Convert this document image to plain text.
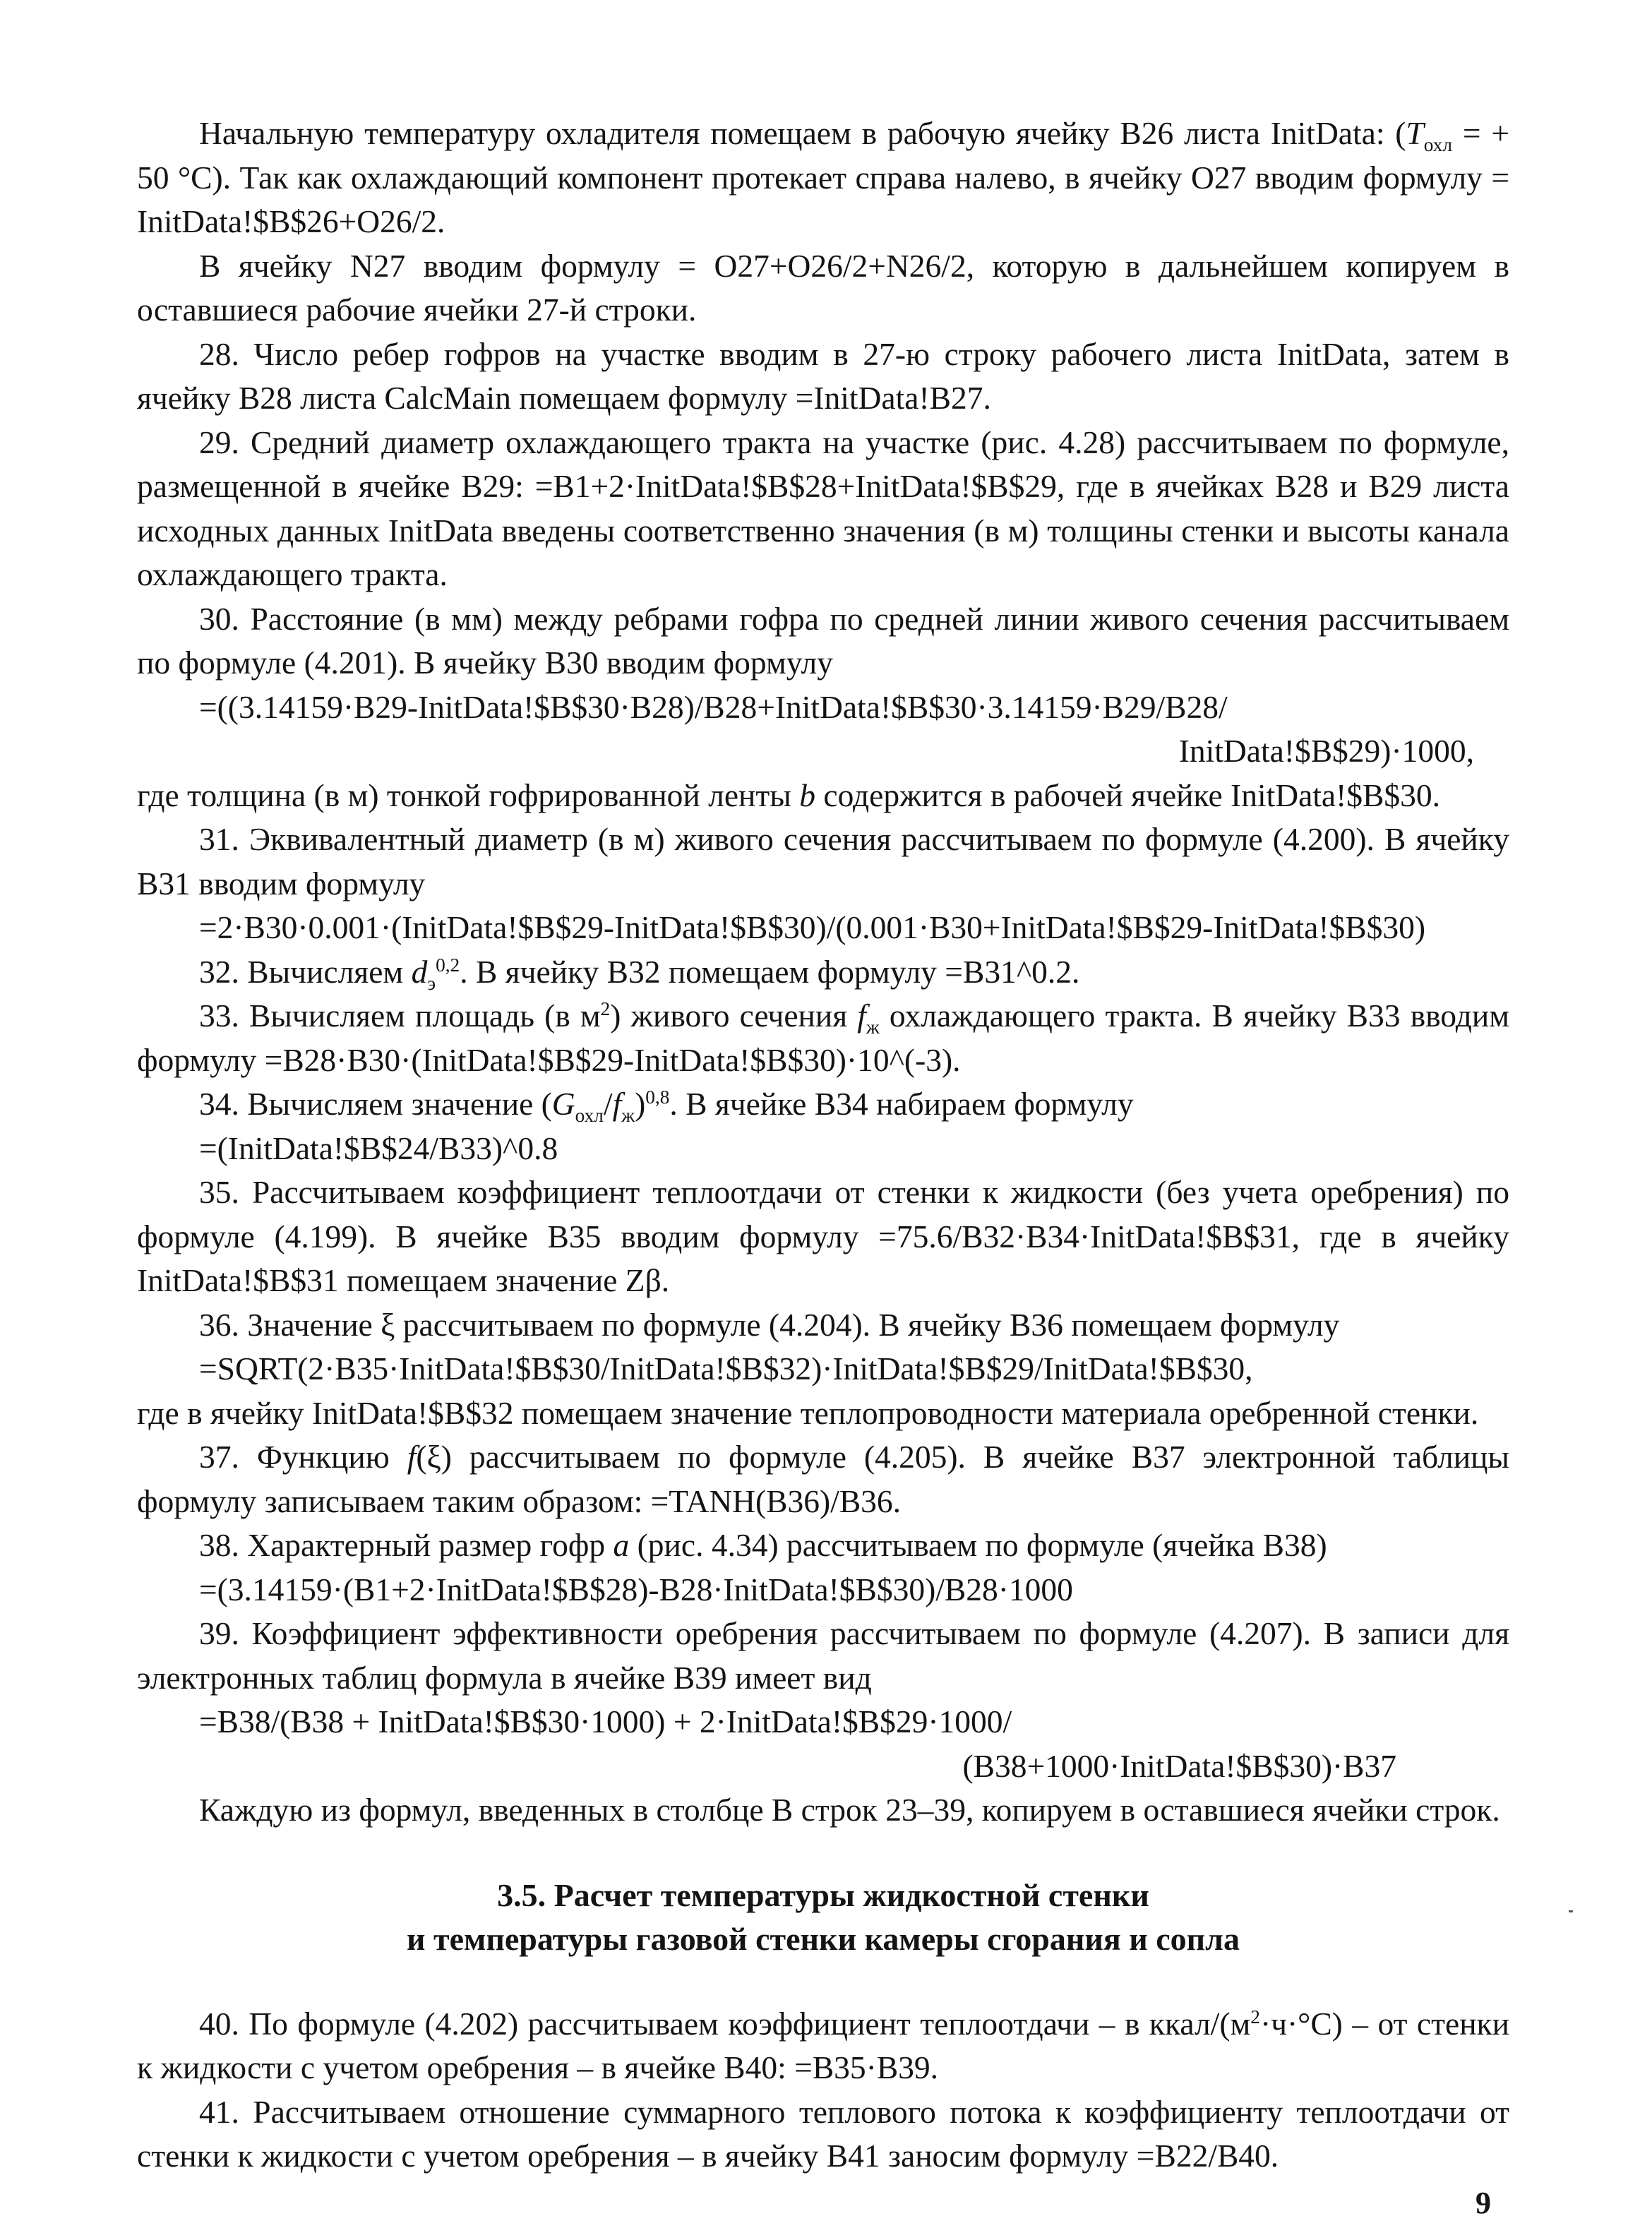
Начальную температуру охладителя помещаем в рабочую ячейку B26 листа InitData: ($T_{охл}$ = + 50 °С). Так как охлаждающий компонент протекает справа налево, в ячейку O27 вводим формулу = InitData!$B$26+O26/2.

В ячейку N27 вводим формулу = O27+O26/2+N26/2, которую в дальнейшем копируем в оставшиеся рабочие ячейки 27-й строки.

28. Число ребер гофров на участке вводим в 27-ю строку рабочего листа InitData, затем в ячейку B28 листа CalcMain помещаем формулу =InitData!B27.

29. Средний диаметр охлаждающего тракта на участке (рис. 4.28) рассчитываем по формуле, размещенной в ячейке B29: =B1+2·InitData!$B$28+InitData!$B$29, где в ячейках B28 и B29 листа исходных данных InitData введены соответственно значения (в м) толщины стенки и высоты канала охлаждающего тракта.

30. Расстояние (в мм) между ребрами гофра по средней линии живого сечения рассчитываем по формуле (4.201). В ячейку B30 вводим формулу

=((3.14159·B29-InitData!$B$30·B28)/B28+InitData!$B$30·3.14159·B29/B28/

InitData!$B$29)·1000,

где толщина (в м) тонкой гофрированной ленты b содержится в рабочей ячейке InitData!$B$30.

31. Эквивалентный диаметр (в м) живого сечения рассчитываем по формуле (4.200). В ячейку B31 вводим формулу

=2·B30·0.001·(InitData!$B$29-InitData!$B$30)/(0.001·B30+InitData!$B$29-InitData!$B$30)

32. Вычисляем $d_э^{0,2}$. В ячейку B32 помещаем формулу =B31^0.2.

33. Вычисляем площадь (в $м^2$) живого сечения $f_ж$ охлаждающего тракта. В ячейку B33 вводим формулу =B28·B30·(InitData!$B$29-InitData!$B$30)·10^(-3).

34. Вычисляем значение $(G_{охл}/f_ж)^{0,8}$. В ячейке B34 набираем формулу

=(InitData!$B$24/B33)^0.8

35. Рассчитываем коэффициент теплоотдачи от стенки к жидкости (без учета оребрения) по формуле (4.199). В ячейке B35 вводим формулу =75.6/B32·B34·InitData!$B$31, где в ячейку InitData!$B$31 помещаем значение Zβ.

36. Значение ξ рассчитываем по формуле (4.204). В ячейку B36 помещаем формулу

=SQRT(2·B35·InitData!$B$30/InitData!$B$32)·InitData!$B$29/InitData!$B$30,

где в ячейку InitData!$B$32 помещаем значение теплопроводности материала оребренной стенки.

37. Функцию f(ξ) рассчитываем по формуле (4.205). В ячейке B37 электронной таблицы формулу записываем таким образом: =TANH(B36)/B36.

38. Характерный размер гофр a (рис. 4.34) рассчитываем по формуле (ячейка B38)

=(3.14159·(B1+2·InitData!$B$28)-B28·InitData!$B$30)/B28·1000

39. Коэффициент эффективности оребрения рассчитываем по формуле (4.207). В записи для электронных таблиц формула в ячейке B39 имеет вид

=B38/(B38 + InitData!$B$30·1000) + 2·InitData!$B$29·1000/

(B38+1000·InitData!$B$30)·B37

Каждую из формул, введенных в столбце B строк 23–39, копируем в оставшиеся ячейки строк.

3.5. Расчет температуры жидкостной стенки

и температуры газовой стенки камеры сгорания и сопла

40. По формуле (4.202) рассчитываем коэффициент теплоотдачи – в ккал/$(м^2\cdot ч\cdot^\circ С)$ – от стенки к жидкости с учетом оребрения – в ячейке B40: =B35·B39.

41. Рассчитываем отношение суммарного теплового потока к коэффициенту теплоотдачи от стенки к жидкости с учетом оребрения – в ячейку B41 заносим формулу =B22/B40.

9
